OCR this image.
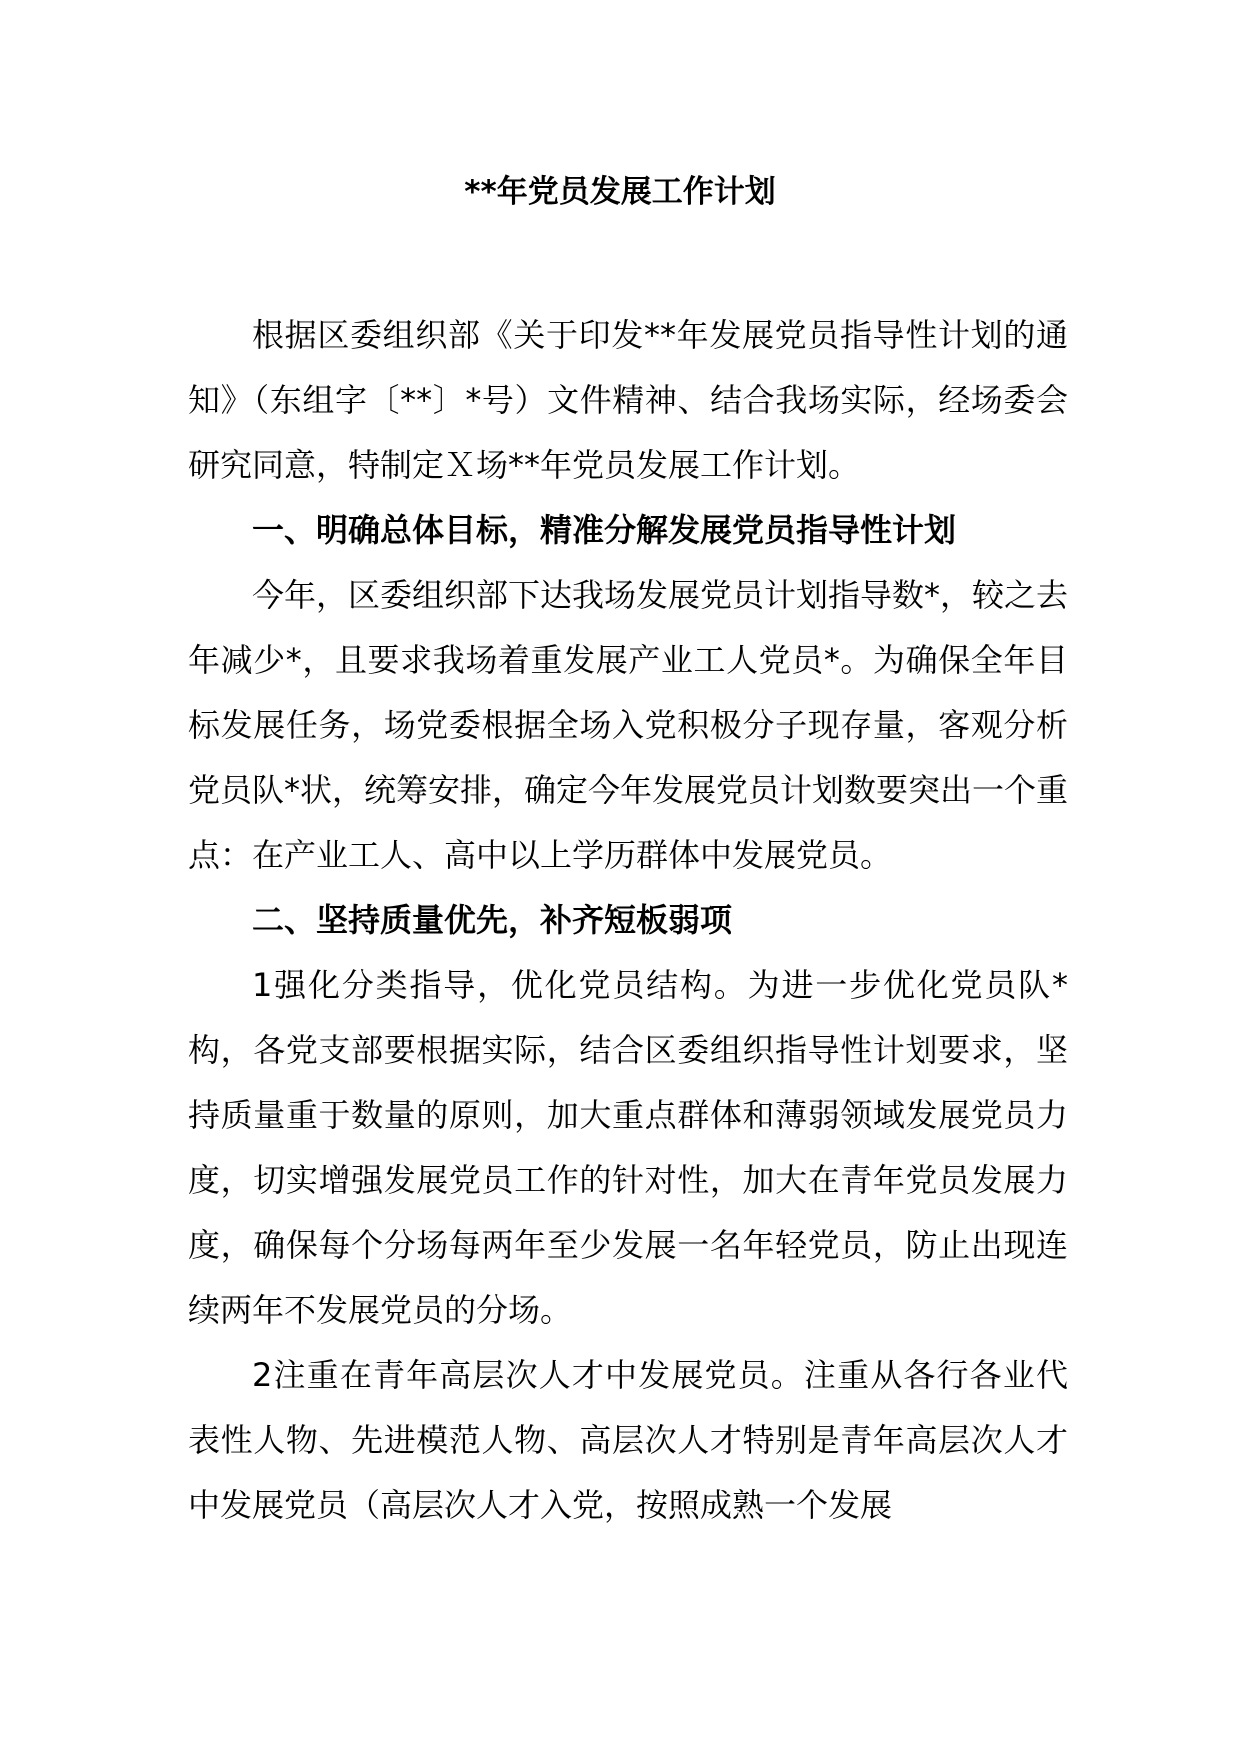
**年党员发展工作计划

根据区委组织部《关于印发**年发展党员指导性计划的通知》（东组字〔**〕*号）文件精神、结合我场实际，经场委会研究同意，特制定Ｘ场**年党员发展工作计划。

一、明确总体目标，精准分解发展党员指导性计划

今年，区委组织部下达我场发展党员计划指导数*，较之去年减少*，且要求我场着重发展产业工人党员*。为确保全年目标发展任务，场党委根据全场入党积极分子现存量，客观分析党员队*状，统筹安排，确定今年发展党员计划数要突出一个重点：在产业工人、高中以上学历群体中发展党员。

二、坚持质量优先，补齐短板弱项

1强化分类指导，优化党员结构。为进一步优化党员队*构，各党支部要根据实际，结合区委组织指导性计划要求，坚持质量重于数量的原则，加大重点群体和薄弱领域发展党员力度，切实增强发展党员工作的针对性，加大在青年党员发展力度，确保每个分场每两年至少发展一名年轻党员，防止出现连续两年不发展党员的分场。

2注重在青年高层次人才中发展党员。注重从各行各业代表性人物、先进模范人物、高层次人才特别是青年高层次人才中发展党员（高层次人才入党，按照成熟一个发展
